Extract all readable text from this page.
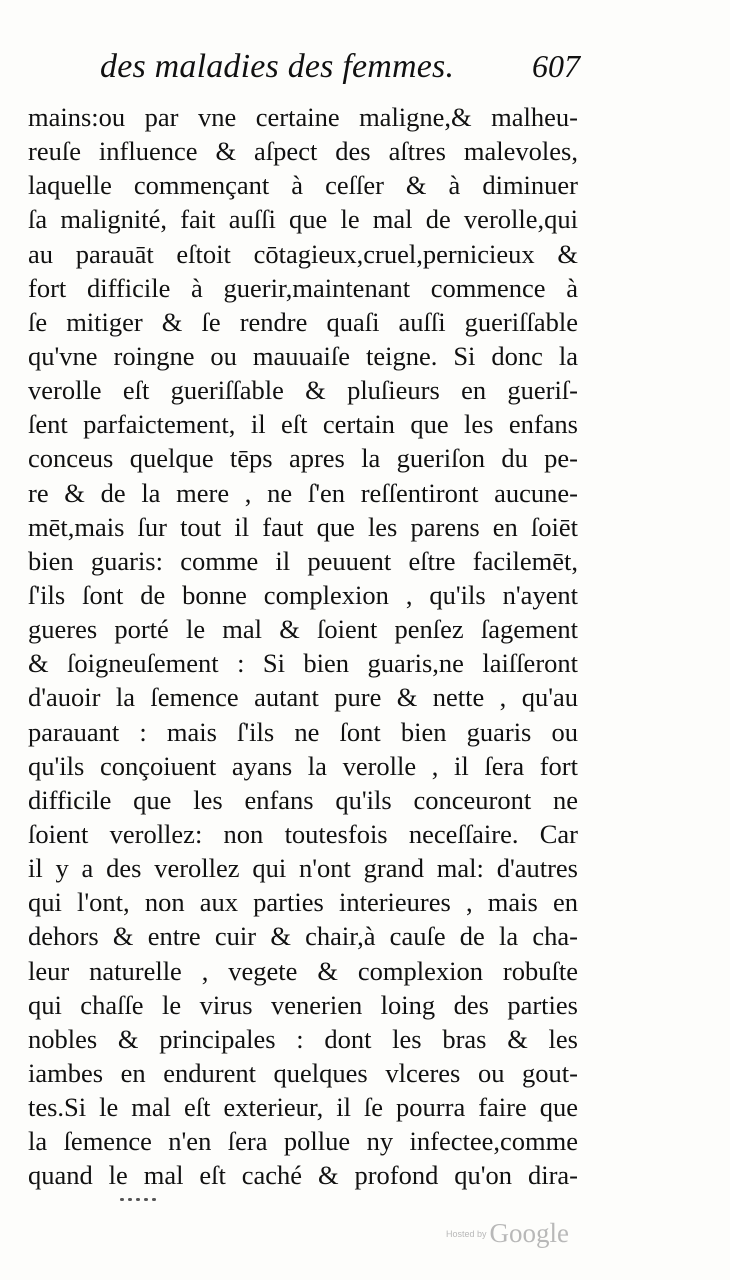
des maladies des femmes. 607
mains:ou par vne certaine maligne,& malheu-
reuſe influence & aſpect des aſtres malevoles,
laquelle commençant à ceſſer & à diminuer
ſa malignité, fait auſſi que le mal de verolle,qui
au parauāt eſtoit cōtagieux,cruel,pernicieux &
fort difficile à guerir,maintenant commence à
ſe mitiger & ſe rendre quaſi auſſi gueriſſable
qu'vne roingne ou mauuaiſe teigne. Si donc la
verolle eſt gueriſſable & pluſieurs en gueriſ-
ſent parfaictement, il eſt certain que les enfans
conceus quelque tēps apres la gueriſon du pe-
re & de la mere , ne ſ'en reſſentiront aucune-
mēt,mais ſur tout il faut que les parens en ſoiēt
bien guaris: comme il peuuent eſtre facilemēt,
ſ'ils ſont de bonne complexion , qu'ils n'ayent
gueres porté le mal & ſoient penſez ſagement
& ſoigneuſement : Si bien guaris,ne laiſſeront
d'auoir la ſemence autant pure & nette , qu'au
parauant : mais ſ'ils ne ſont bien guaris ou
qu'ils conçoiuent ayans la verolle , il ſera fort
difficile que les enfans qu'ils conceuront ne
ſoient verollez: non toutesfois neceſſaire. Car
il y a des verollez qui n'ont grand mal: d'autres
qui l'ont, non aux parties interieures , mais en
dehors & entre cuir & chair,à cauſe de la cha-
leur naturelle , vegete & complexion robuſte
qui chaſſe le virus venerien loing des parties
nobles & principales : dont les bras & les
iambes en endurent quelques vlceres ou gout-
tes.Si le mal eſt exterieur, il ſe pourra faire que
la ſemence n'en ſera pollue ny infectee,comme
quand le mal eſt caché & profond qu'on dira-
Hosted by Google
